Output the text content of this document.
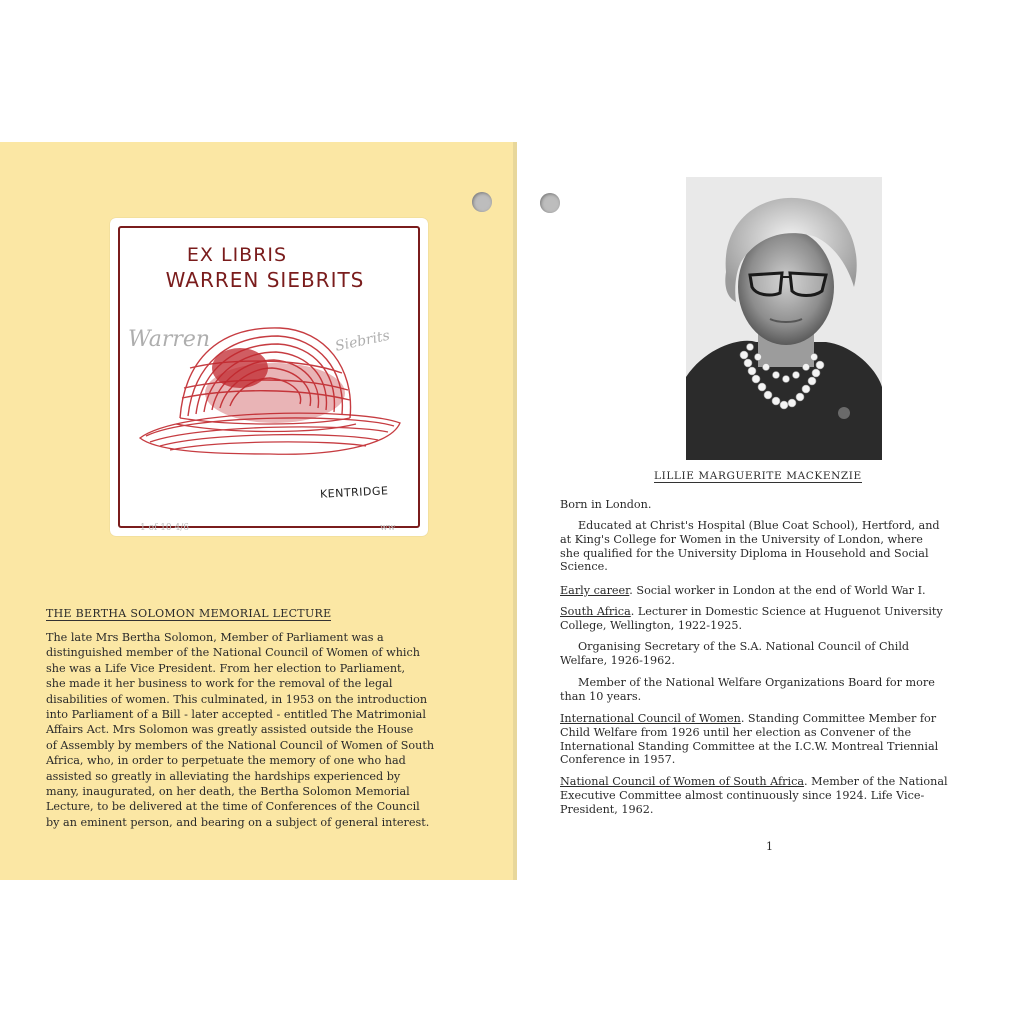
EX LIBRIS
WARREN SIEBRITS
Warren	Siebrits
1 of 10 4/6	ww
KENTRIDGE
THE BERTHA SOLOMON MEMORIAL LECTURE
The late Mrs Bertha Solomon, Member of Parliament was a
distinguished member of the National Council of Women of which
she was a Life Vice President. From her election to Parliament,
she made it her business to work for the removal of the legal
disabilities of women. This culminated, in 1953 on the introduction
into Parliament of a Bill - later accepted - entitled The Matrimonial
Affairs Act. Mrs Solomon was greatly assisted outside the House
of Assembly by members of the National Council of Women of South
Africa, who, in order to perpetuate the memory of one who had
assisted so greatly in alleviating the hardships experienced by
many, inaugurated, on her death, the Bertha Solomon Memorial
Lecture, to be delivered at the time of Conferences of the Council
by an eminent person, and bearing on a subject of general interest.
LILLIE MARGUERITE MACKENZIE
Born in London.
Educated at Christ's Hospital (Blue Coat School), Hertford, and
at King's College for Women in the University of London, where
she qualified for the University Diploma in Household and Social
Science.
Early career. Social worker in London at the end of World War I.
South Africa. Lecturer in Domestic Science at Huguenot University
College, Wellington, 1922-1925.
Organising Secretary of the S.A. National Council of Child
Welfare, 1926-1962.
Member of the National Welfare Organizations Board for more
than 10 years.
International Council of Women. Standing Committee Member for
Child Welfare from 1926 until her election as Convener of the
International Standing Committee at the I.C.W. Montreal Triennial
Conference in 1957.
National Council of Women of South Africa. Member of the National
Executive Committee almost continuously since 1924. Life Vice-
President, 1962.
1
